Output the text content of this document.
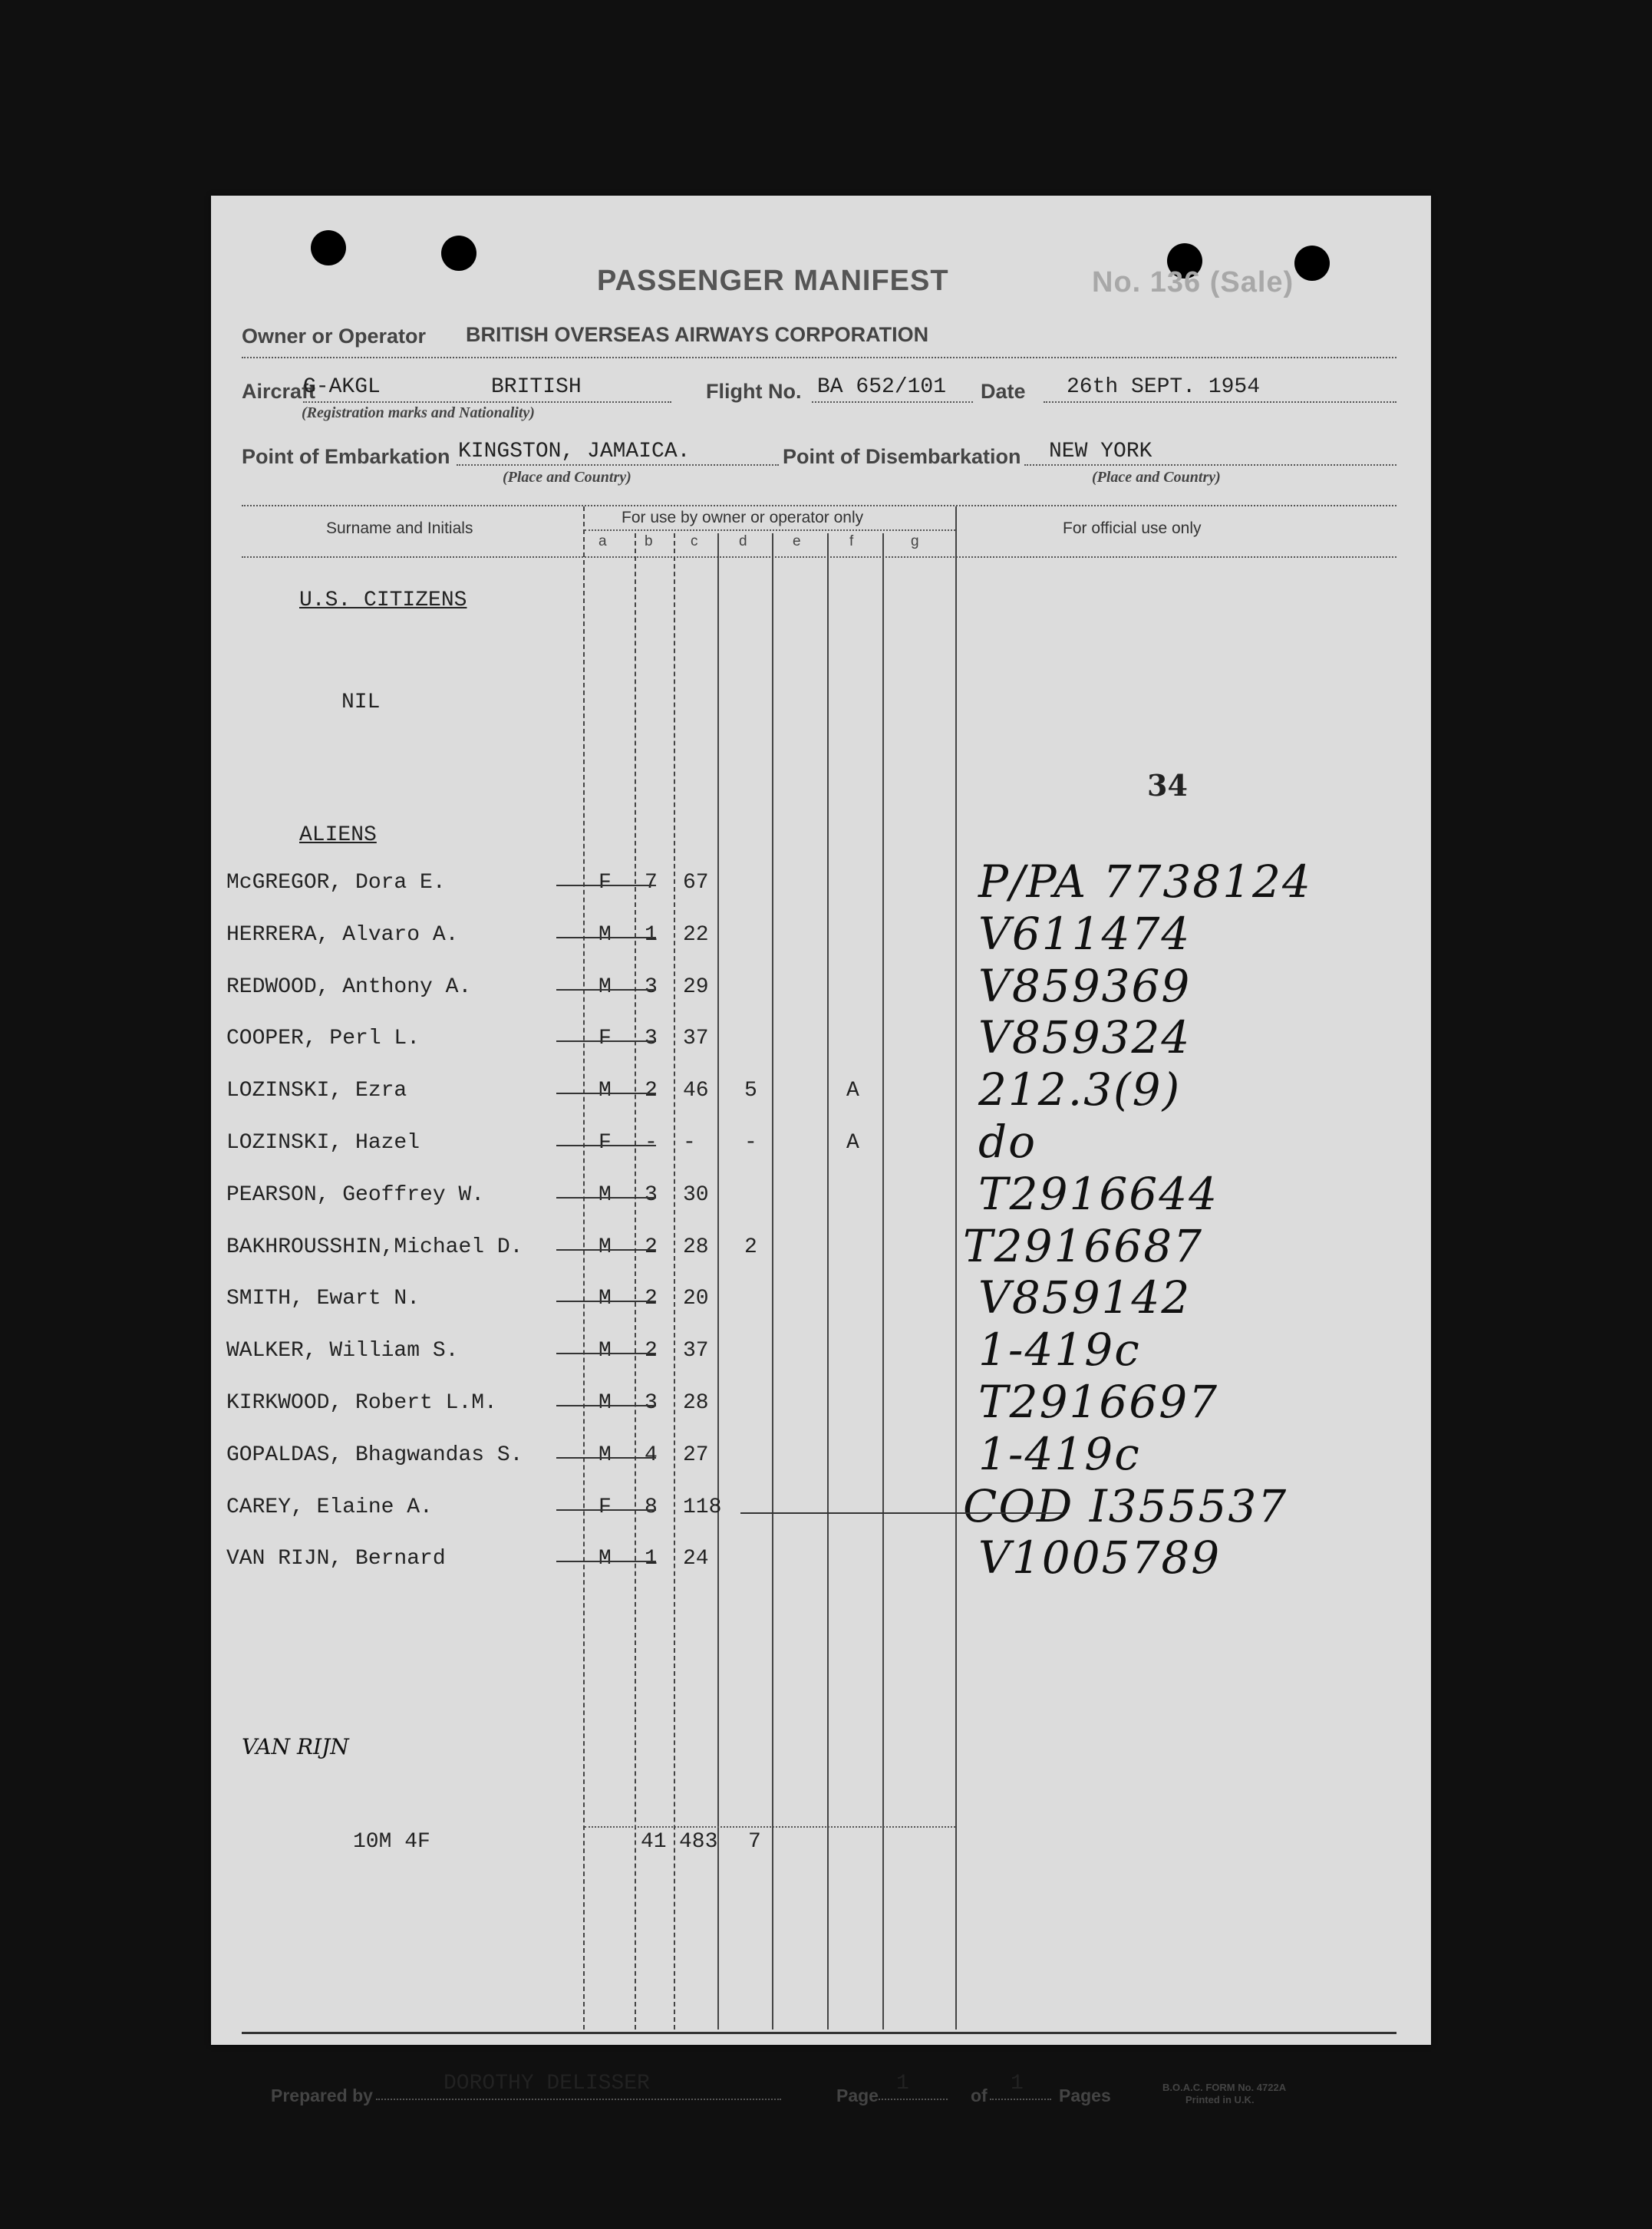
PASSENGER MANIFEST	No. 136 (Sale)
Owner or Operator BRITISH OVERSEAS AIRWAYS CORPORATION
Aircraft
G-AKGL	BRITISH
(Registration marks and Nationality)
Flight No. BA 652/101 Date 26th SEPT. 1954
Point of Embarkation KINGSTON, JAMAICA.
(Place and Country)
Point of Disembarkation NEW YORK
(Place and Country)
Surname and Initials
For use by owner or operator only
For official use only
a	b	c	d	e	f	g
U.S. CITIZENS
NIL
34
ALIENS
McGREGOR, Dora E.	F 7 67	P/PA 7738124
HERRERA, Alvaro A.	M 1 22	V611474
REDWOOD, Anthony A.	M 3 29	V859369
COOPER, Perl L.	F 3 37	V859324
LOZINSKI, Ezra	M 2 46 5	A	212.3(9)
LOZINSKI, Hazel	F - - -	A	do
PEARSON, Geoffrey W.	M 3 30	T2916644
BAKHROUSSHIN,Michael D.	M 2 28 2	T2916687
SMITH, Ewart N.	M 2 20	V859142
WALKER, William S.	M 2 37	1-419c
KIRKWOOD, Robert L.M.	M 3 28	T2916697
GOPALDAS, Bhagwandas S.	M 4 27	1-419c
CAREY, Elaine A.	F 8 118	COD I355537
VAN RIJN, Bernard	M 1 24	V1005789
VAN RIJN
10M 4F	41 483 7
Prepared by	DOROTHY DELISSER	Page 1	of 1 Pages	B.O.A.C. FORM No. 4722A
Printed in U.K.
